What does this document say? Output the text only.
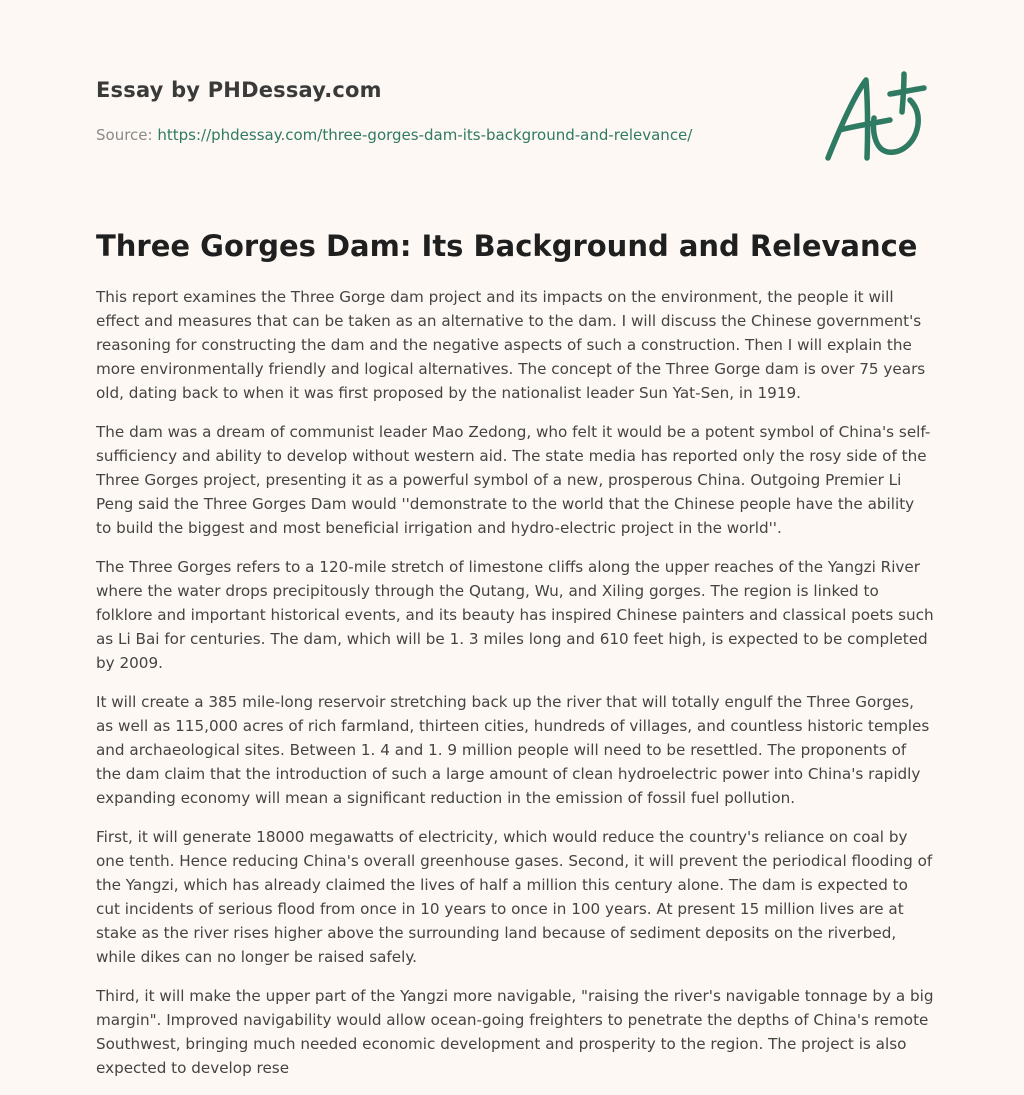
Essay by PHDessay.com
Source: https://phdessay.com/three-gorges-dam-its-background-and-relevance/
Three Gorges Dam: Its Background and Relevance

This report examines the Three Gorge dam project and its impacts on the environment, the people it will effect and measures that can be taken as an alternative to the dam. I will discuss the Chinese government's reasoning for constructing the dam and the negative aspects of such a construction. Then I will explain the more environmentally friendly and logical alternatives. The concept of the Three Gorge dam is over 75 years old, dating back to when it was first proposed by the nationalist leader Sun Yat-Sen, in 1919.

The dam was a dream of communist leader Mao Zedong, who felt it would be a potent symbol of China's self-sufficiency and ability to develop without western aid. The state media has reported only the rosy side of the Three Gorges project, presenting it as a powerful symbol of a new, prosperous China. Outgoing Premier Li Peng said the Three Gorges Dam would ''demonstrate to the world that the Chinese people have the ability to build the biggest and most beneficial irrigation and hydro-electric project in the world''.

The Three Gorges refers to a 120-mile stretch of limestone cliffs along the upper reaches of the Yangzi River where the water drops precipitously through the Qutang, Wu, and Xiling gorges. The region is linked to folklore and important historical events, and its beauty has inspired Chinese painters and classical poets such as Li Bai for centuries. The dam, which will be 1. 3 miles long and 610 feet high, is expected to be completed by 2009.

It will create a 385 mile-long reservoir stretching back up the river that will totally engulf the Three Gorges, as well as 115,000 acres of rich farmland, thirteen cities, hundreds of villages, and countless historic temples and archaeological sites. Between 1. 4 and 1. 9 million people will need to be resettled. The proponents of the dam claim that the introduction of such a large amount of clean hydroelectric power into China's rapidly expanding economy will mean a significant reduction in the emission of fossil fuel pollution.

First, it will generate 18000 megawatts of electricity, which would reduce the country's reliance on coal by one tenth. Hence reducing China's overall greenhouse gases. Second, it will prevent the periodical flooding of the Yangzi, which has already claimed the lives of half a million this century alone. The dam is expected to cut incidents of serious flood from once in 10 years to once in 100 years. At present 15 million lives are at stake as the river rises higher above the surrounding land because of sediment deposits on the riverbed, while dikes can no longer be raised safely.

Third, it will make the upper part of the Yangzi more navigable, "raising the river's navigable tonnage by a big margin". Improved navigability would allow ocean-going freighters to penetrate the depths of China's remote Southwest, bringing much needed economic development and prosperity to the region. The project is also expected to develop rese
